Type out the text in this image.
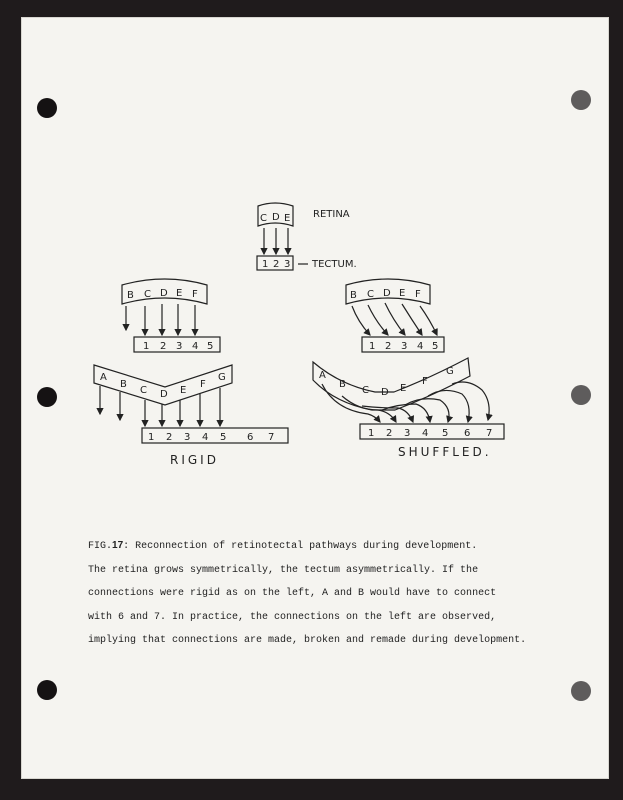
C D E RETINA
1 2 3 TECTUM.
B C D E F
1 2 3 4 5
A
B
C D E
F
G
1 2 3 4 5 6 7
RIGID
B C D E F
1 2 3 4 5
A
B
C D E
F
G
1 2 3 4 5 6 7
SHUFFLED.
FIG.17: Reconnection of retinotectal pathways during development.
The retina grows symmetrically, the tectum asymmetrically. If the
connections were rigid as on the left, A and B would have to connect
with 6 and 7. In practice, the connections on the left are observed,
implying that connections are made, broken and remade during development.
